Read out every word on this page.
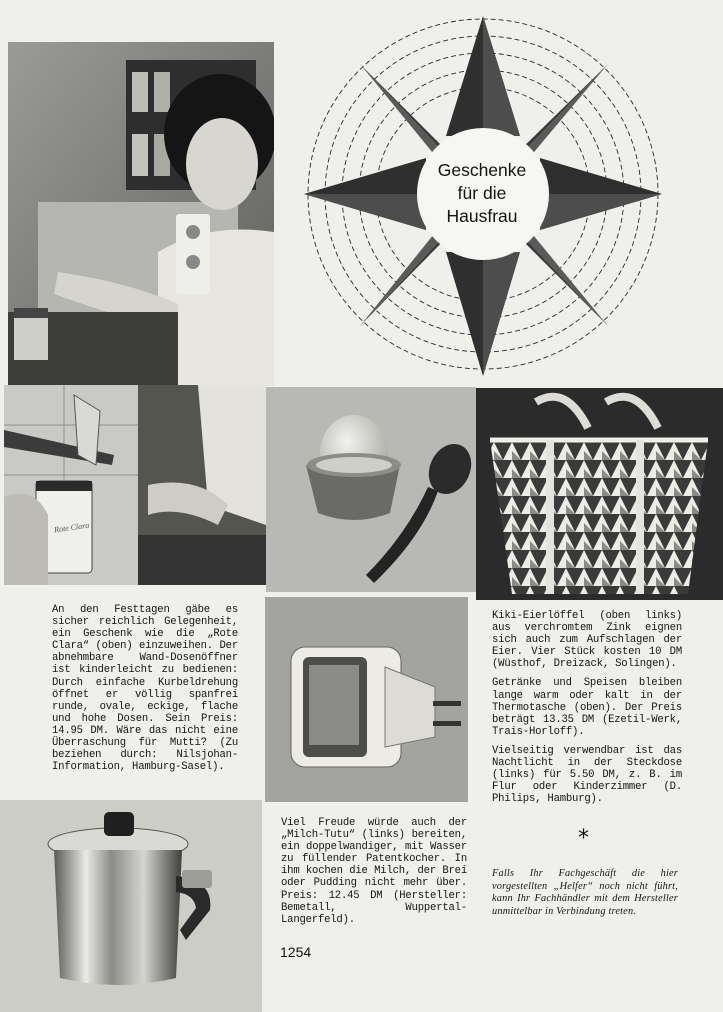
Geschenke
für die
Hausfrau
Rote Clara

An den Festtagen gäbe es sicher reichlich Gelegenheit, ein Geschenk wie die „Rote Clara“ (oben) einzuweihen. Der abnehmbare Wand-Dosenöffner ist kinderleicht zu bedienen: Durch einfache Kurbeldrehung öffnet er völlig spanfrei runde, ovale, eckige, flache und hohe Dosen. Sein Preis: 14.95 DM. Wäre das nicht eine Überraschung für Mutti? (Zu beziehen durch: Nilsjohan-Information, Hamburg-Sasel).

Kiki-Eierlöffel (oben links) aus verchromtem Zink eignen sich auch zum Aufschlagen der Eier. Vier Stück kosten 10 DM (Wüsthof, Dreizack, Solingen).

Getränke und Speisen bleiben lange warm oder kalt in der Thermotasche (oben). Der Preis beträgt 13.35 DM (Ezetil-Werk, Trais-Horloff).

Vielseitig verwendbar ist das Nachtlicht in der Steckdose (links) für 5.50 DM, z. B. im Flur oder Kinderzimmer (D. Philips, Hamburg).

Viel Freude würde auch der „Milch-Tutu“ (links) bereiten, ein doppelwandiger, mit Wasser zu füllender Patentkocher. In ihm kochen die Milch, der Brei oder Pudding nicht mehr über. Preis: 12.45 DM (Hersteller: Bemetall, Wuppertal-Langerfeld).

*

Falls Ihr Fachgeschäft die hier vorgestellten „Helfer“ noch nicht führt, kann Ihr Fachhändler mit dem Hersteller unmittelbar in Verbindung treten.

1254
